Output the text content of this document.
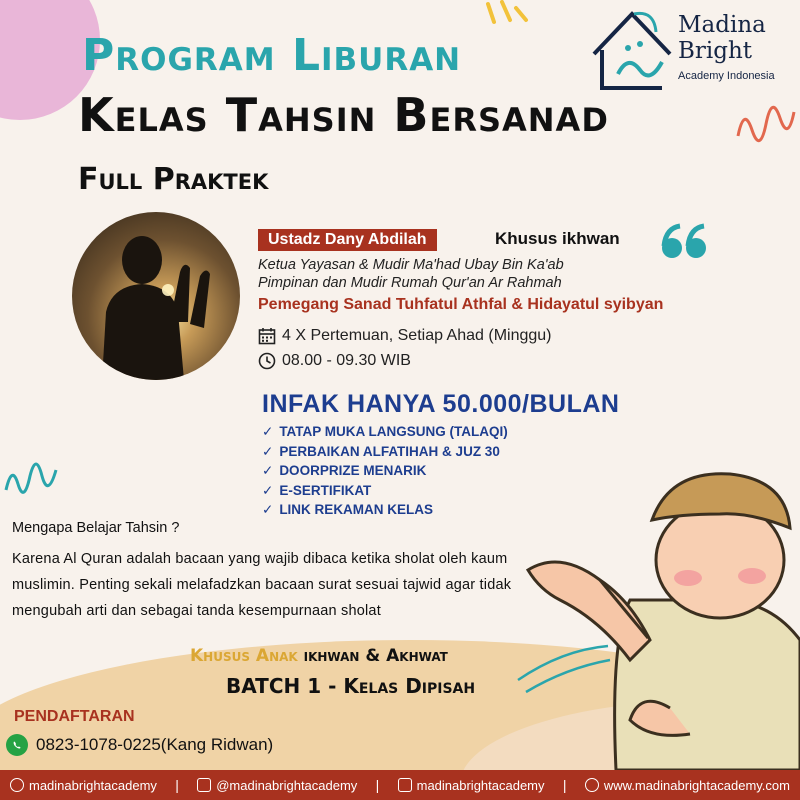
Program Liburan
Kelas Tahsin Bersanad
Full Praktek
Madina
Bright
Academy Indonesia
Ustadz Dany Abdilah	Khusus ikhwan
Ketua Yayasan & Mudir Ma'had Ubay Bin Ka'ab
Pimpinan dan Mudir Rumah Qur'an Ar Rahmah
Pemegang Sanad Tuhfatul Athfal & Hidayatul syibyan
4 X Pertemuan, Setiap Ahad (Minggu)
08.00 - 09.30 WIB
INFAK HANYA 50.000/BULAN
✓ TATAP MUKA LANGSUNG (TALAQI)
✓ PERBAIKAN ALFATIHAH & JUZ 30
✓ DOORPRIZE MENARIK
✓ E-SERTIFIKAT
✓ LINK REKAMAN KELAS
Mengapa Belajar Tahsin ?
Karena Al Quran adalah bacaan yang wajib dibaca ketika sholat oleh kaum muslimin. Penting sekali melafadzkan bacaan surat sesuai tajwid agar tidak mengubah arti dan sebagai tanda kesempurnaan sholat
Khusus Anak ikhwan & Akhwat
BATCH 1 - Kelas Dipisah
PENDAFTARAN
0823-1078-0225(Kang Ridwan)
madinabrightacademy |	@madinabrightacademy |	madinabrightacademy |	www.madinabrightacademy.com
